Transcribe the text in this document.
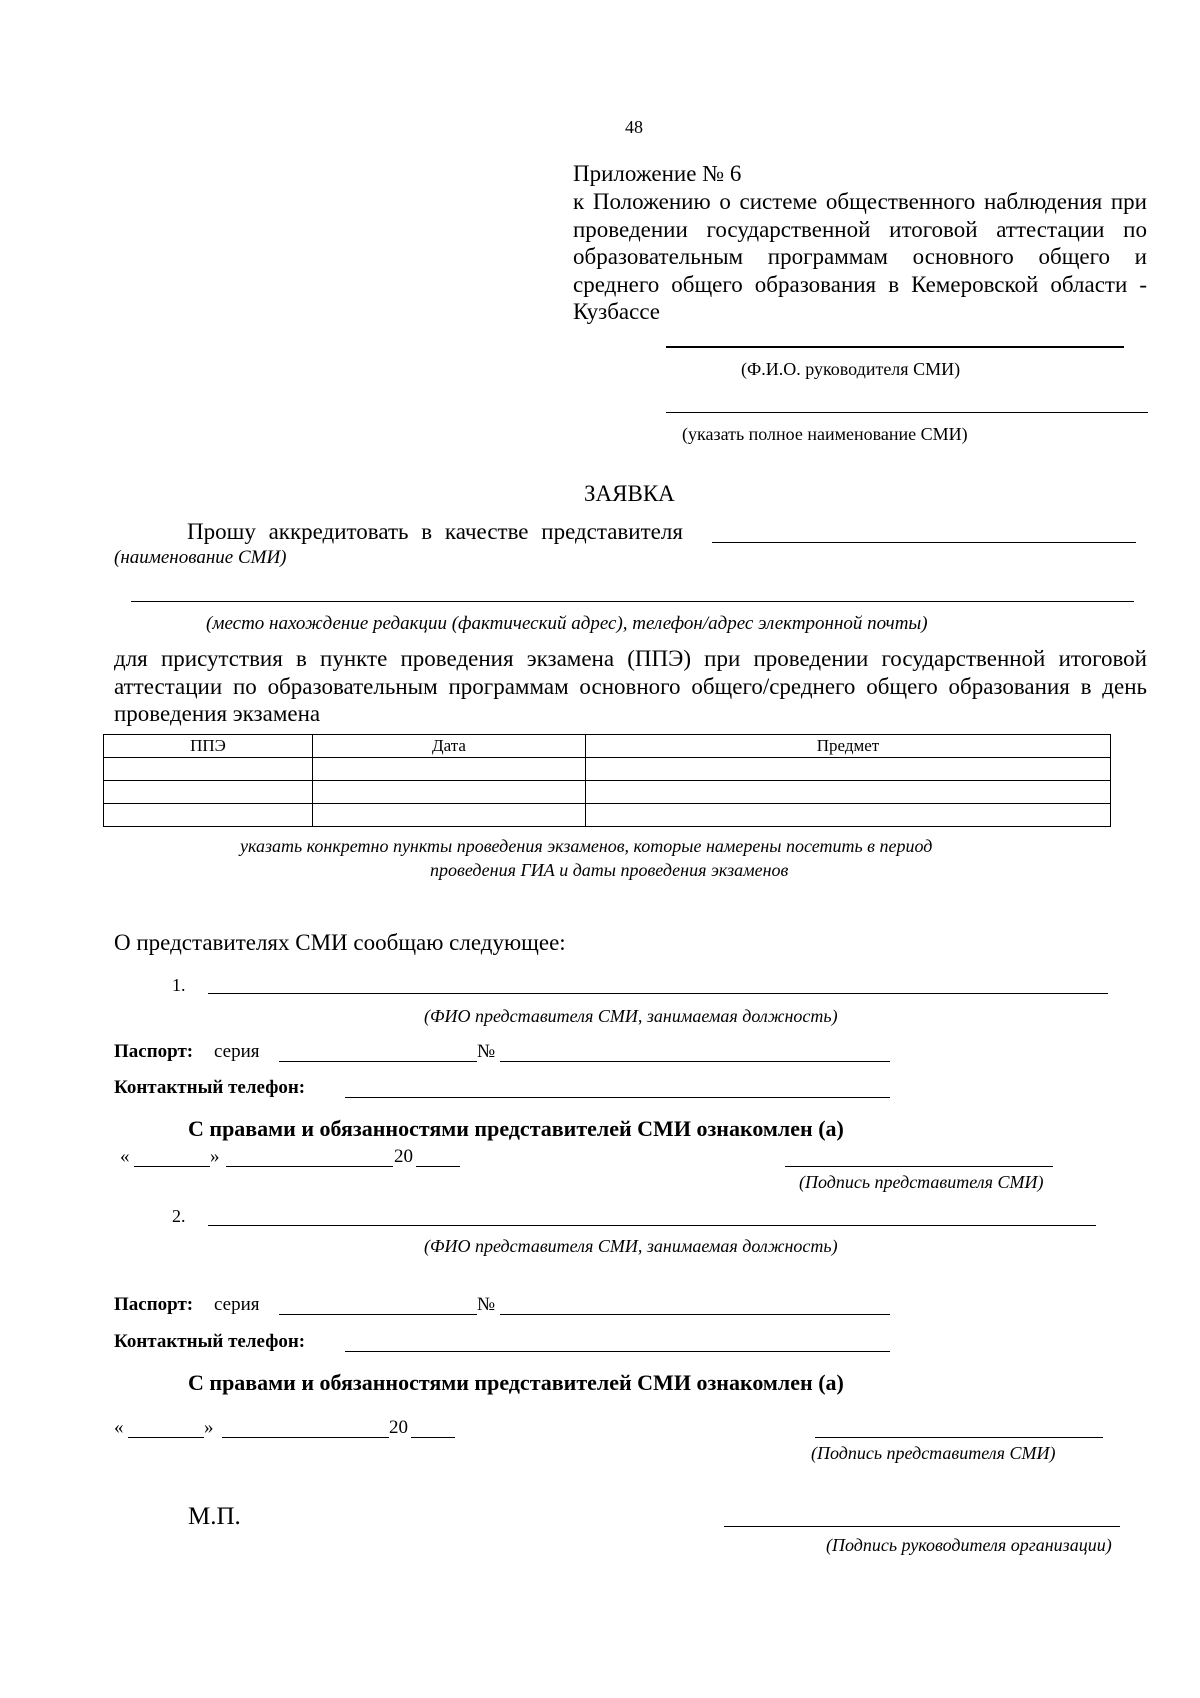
48
Приложение № 6
к Положению о системе общественного наблюдения при проведении государственной итоговой аттестации по образовательным программам основного общего и среднего общего образования в Кемеровской области - Кузбассе
(Ф.И.О. руководителя СМИ)
(указать полное наименование СМИ)
ЗАЯВКА
Прошу аккредитовать в качестве представителя
(наименование СМИ)
(место нахождение редакции (фактический адрес), телефон/адрес электронной почты)
для присутствия в пункте проведения экзамена (ППЭ) при проведении государственной итоговой аттестации по образовательным программам основного общего/среднего общего образования в день проведения экзамена
ППЭ	Дата	Предмет

указать конкретно пункты проведения экзаменов, которые намерены посетить в период
проведения ГИА и даты проведения экзаменов
О представителях СМИ сообщаю следующее:
1.
(ФИО представителя СМИ, занимаемая должность)
Паспорт: серия	№
Контактный телефон:
С правами и обязанностями представителей СМИ ознакомлен (а)
«	»	20
(Подпись представителя СМИ)
2.
(ФИО представителя СМИ, занимаемая должность)
Паспорт: серия	№
Контактный телефон:
С правами и обязанностями представителей СМИ ознакомлен (а)
«	»	20
(Подпись представителя СМИ)
М.П.
(Подпись руководителя организации)
